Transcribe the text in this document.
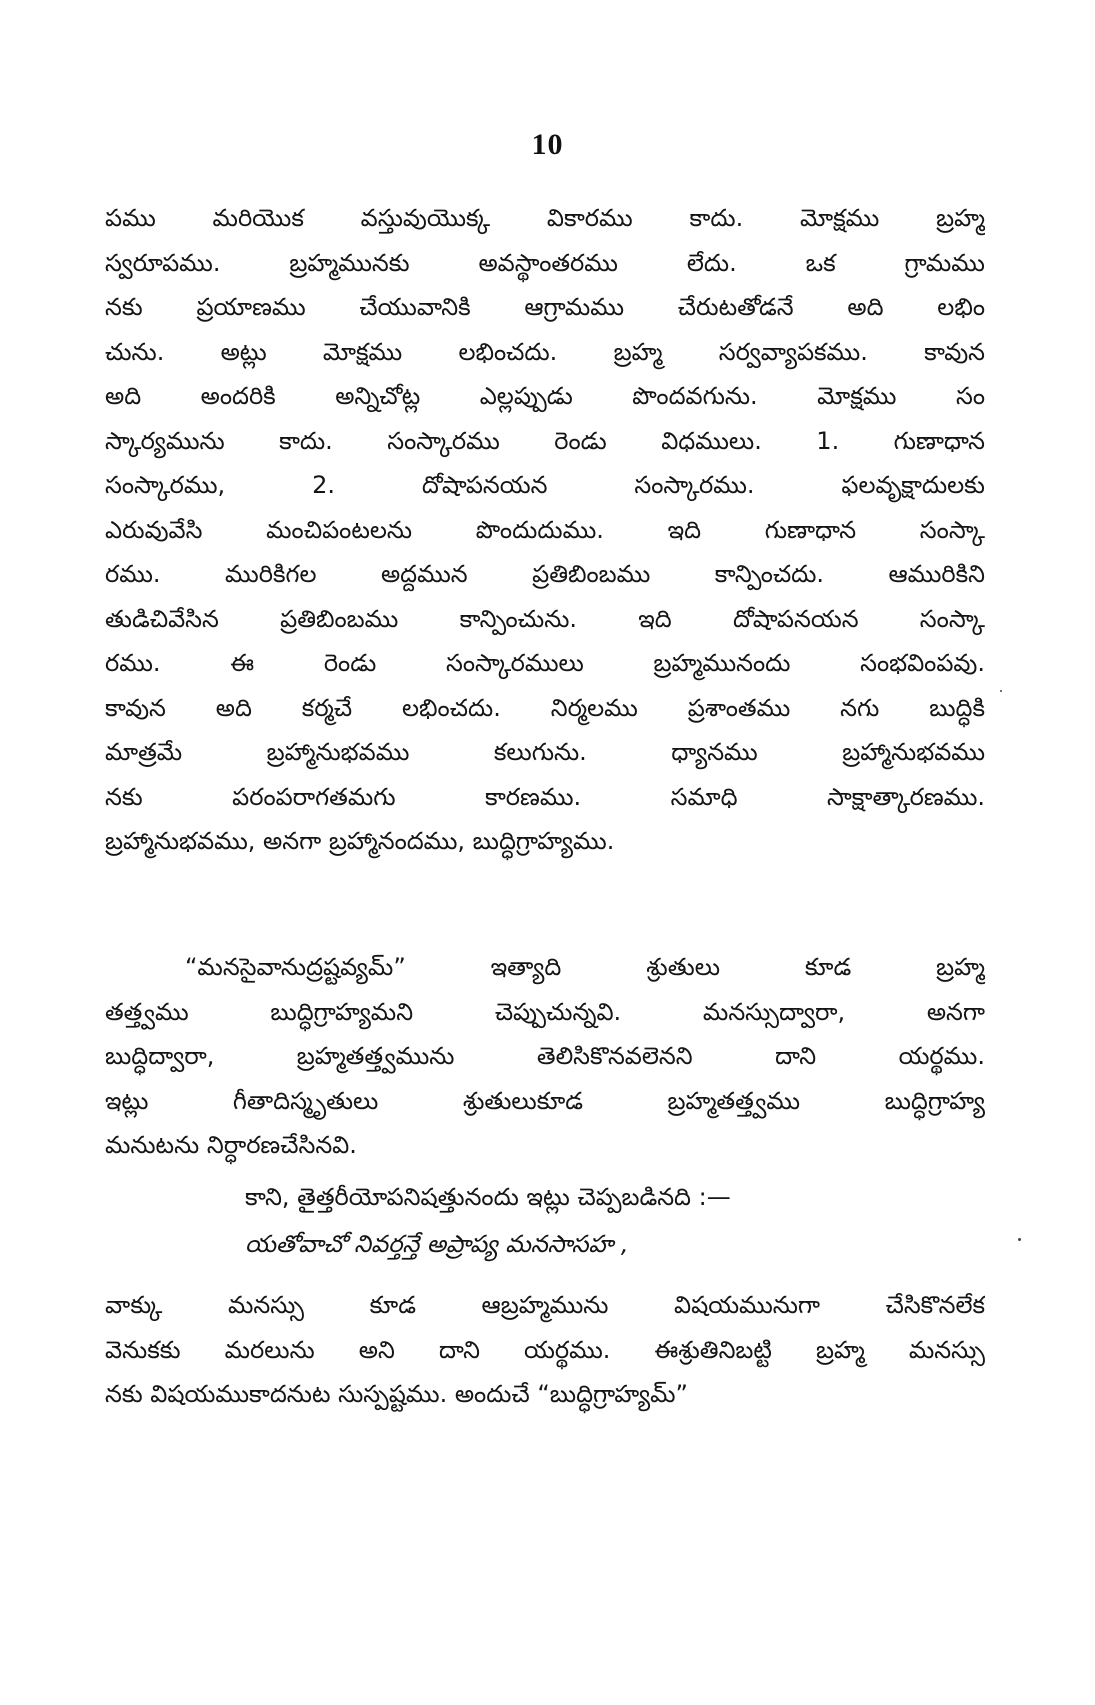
10
పము మరియొక వస్తువుయొక్క వికారము కాదు. మోక్షము బ్రహ్మ
స్వరూపము. బ్రహ్మమునకు అవస్థాంతరము లేదు. ఒక గ్రామము
నకు ప్రయాణము చేయువానికి ఆగ్రామము చేరుటతోడనే అది లభిం
చును. అట్లు మోక్షము లభించదు. బ్రహ్మ సర్వవ్యాపకము. కావున
అది అందరికి అన్నిచోట్ల ఎల్లప్పుడు పొందవగును. మోక్షము సం
స్కార్యమును కాదు. సంస్కారము రెండు విధములు. 1. గుణాధాన
సంస్కారము, 2. దోషాపనయన సంస్కారము. ఫలవృక్షాదులకు
ఎరువువేసి మంచిపంటలను పొందుదుము. ఇది గుణాధాన సంస్కా
రము. మురికిగల అద్దమున ప్రతిబింబము కాన్పించదు. ఆమురికిని
తుడిచివేసిన ప్రతిబింబము కాన్పించును. ఇది దోషాపనయన సంస్కా
రము. ఈ రెండు సంస్కారములు బ్రహ్మమునందు సంభవింపవు.
కావున అది కర్మచే లభించదు. నిర్మలము ప్రశాంతము నగు బుద్ధికి
మాత్రమే బ్రహ్మానుభవము కలుగును. ధ్యానము బ్రహ్మానుభవము
నకు పరంపరాగతమగు కారణము. సమాధి సాక్షాత్కారణము.
బ్రహ్మానుభవము, అనగా బ్రహ్మానందము, బుద్ధిగ్రాహ్యము.
“మనసైవానుద్రష్టవ్యమ్” ఇత్యాది శ్రుతులు కూడ బ్రహ్మ
తత్త్వము బుద్ధిగ్రాహ్యమని చెప్పుచున్నవి. మనస్సుద్వారా, అనగా
బుద్ధిద్వారా, బ్రహ్మతత్త్వమును తెలిసికొనవలెనని దాని యర్థము.
ఇట్లు గీతాదిస్మృతులు శ్రుతులుకూడ బ్రహ్మతత్త్వము బుద్ధిగ్రాహ్య
మనుటను నిర్ధారణచేసినవి.
కాని, తైత్తరీయోపనిషత్తునందు ఇట్లు చెప్పబడినది :—
యతోవాచో నివర్తన్తే అప్రాప్య మనసాసహ ,
వాక్కు మనస్సు కూడ ఆబ్రహ్మమును విషయమునుగా చేసికొనలేక
వెనుకకు మరలును అని దాని యర్థము. ఈశ్రుతినిబట్టి బ్రహ్మ మనస్సు
నకు విషయముకాదనుట సుస్పష్టము. అందుచే “బుద్ధిగ్రాహ్యమ్”
